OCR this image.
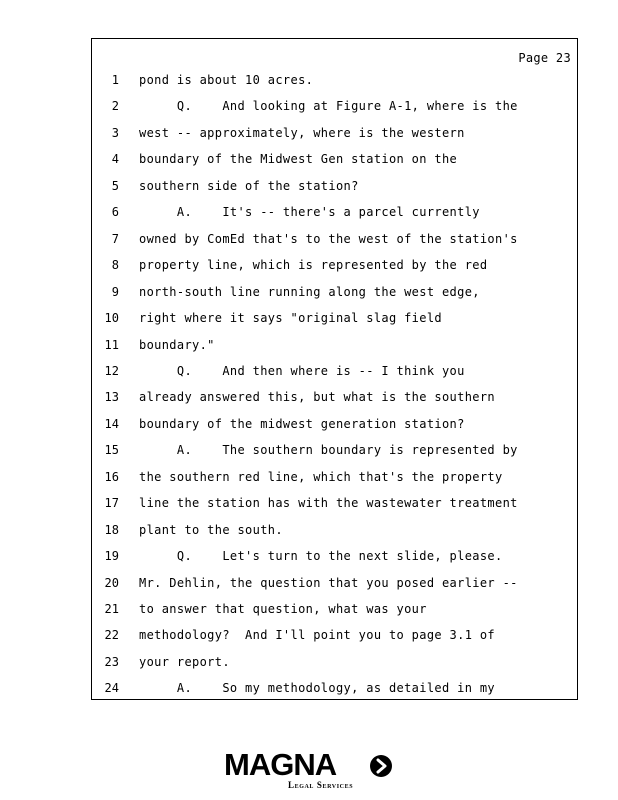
Page 23
1 pond is about 10 acres.
2 Q.    And looking at Figure A-1, where is the
3 west -- approximately, where is the western
4 boundary of the Midwest Gen station on the
5 southern side of the station?
6 A.    It's -- there's a parcel currently
7 owned by ComEd that's to the west of the station's
8 property line, which is represented by the red
9 north-south line running along the west edge,
10 right where it says "original slag field
11 boundary."
12 Q.    And then where is -- I think you
13 already answered this, but what is the southern
14 boundary of the midwest generation station?
15 A.    The southern boundary is represented by
16 the southern red line, which that's the property
17 line the station has with the wastewater treatment
18 plant to the south.
19 Q.    Let's turn to the next slide, please.
20 Mr. Dehlin, the question that you posed earlier --
21 to answer that question, what was your
22 methodology?  And I'll point you to page 3.1 of
23 your report.
24 A.    So my methodology, as detailed in my
MAGNA
Legal Services
